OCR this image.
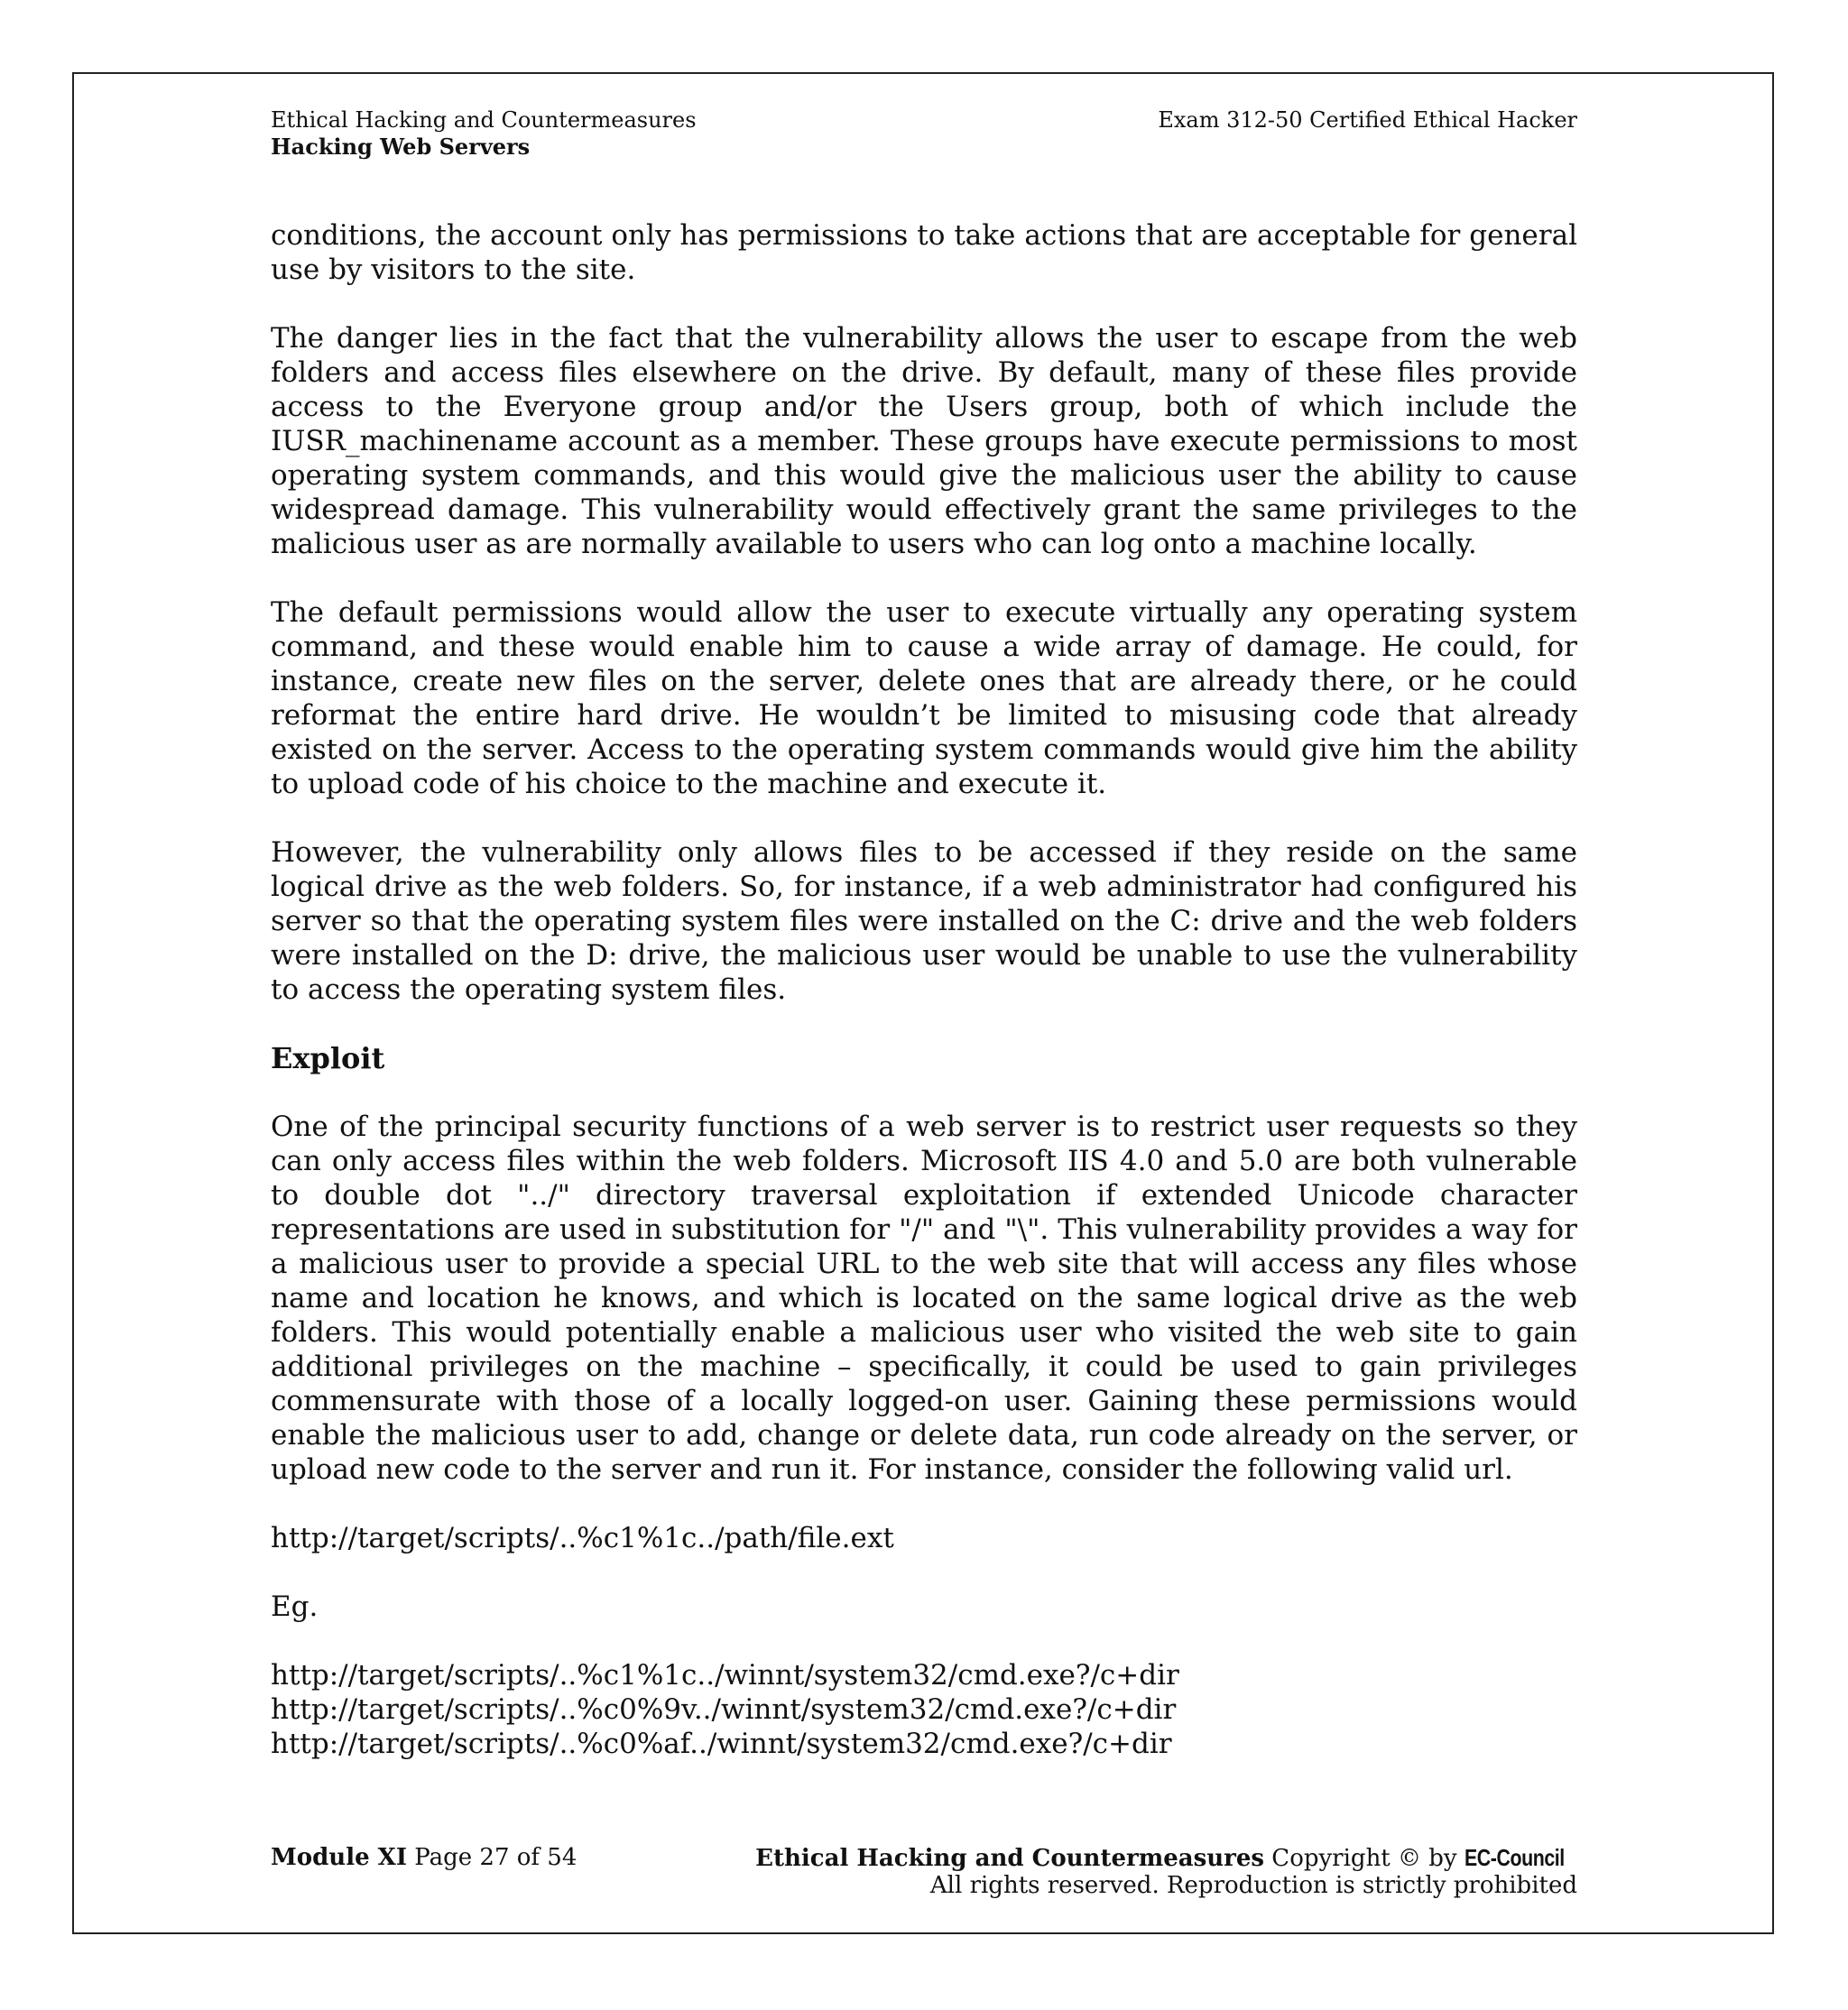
Ethical Hacking and Countermeasures
Hacking Web Servers
Exam 312-50 Certified Ethical Hacker

conditions, the account only has permissions to take actions that are acceptable for general use by visitors to the site.

The danger lies in the fact that the vulnerability allows the user to escape from the web folders and access files elsewhere on the drive. By default, many of these files provide access to the Everyone group and/or the Users group, both of which include the IUSR_machinename account as a member. These groups have execute permissions to most operating system commands, and this would give the malicious user the ability to cause widespread damage. This vulnerability would effectively grant the same privileges to the malicious user as are normally available to users who can log onto a machine locally.

The default permissions would allow the user to execute virtually any operating system command, and these would enable him to cause a wide array of damage. He could, for instance, create new files on the server, delete ones that are already there, or he could reformat the entire hard drive. He wouldn’t be limited to misusing code that already existed on the server. Access to the operating system commands would give him the ability to upload code of his choice to the machine and execute it.

However, the vulnerability only allows files to be accessed if they reside on the same logical drive as the web folders. So, for instance, if a web administrator had configured his server so that the operating system files were installed on the C: drive and the web folders were installed on the D: drive, the malicious user would be unable to use the vulnerability to access the operating system files.

Exploit

One of the principal security functions of a web server is to restrict user requests so they can only access files within the web folders. Microsoft IIS 4.0 and 5.0 are both vulnerable to double dot "../" directory traversal exploitation if extended Unicode character representations are used in substitution for "/" and "\". This vulnerability provides a way for a malicious user to provide a special URL to the web site that will access any files whose name and location he knows, and which is located on the same logical drive as the web folders. This would potentially enable a malicious user who visited the web site to gain additional privileges on the machine – specifically, it could be used to gain privileges commensurate with those of a locally logged-on user. Gaining these permissions would enable the malicious user to add, change or delete data, run code already on the server, or upload new code to the server and run it. For instance, consider the following valid url.

http://target/scripts/..%c1%1c../path/file.ext

Eg.

http://target/scripts/..%c1%1c../winnt/system32/cmd.exe?/c+dir

http://target/scripts/..%c0%9v../winnt/system32/cmd.exe?/c+dir

http://target/scripts/..%c0%af../winnt/system32/cmd.exe?/c+dir

Module XI Page 27 of 54	Ethical Hacking and Countermeasures Copyright © by EC-Council
All rights reserved. Reproduction is strictly prohibited
